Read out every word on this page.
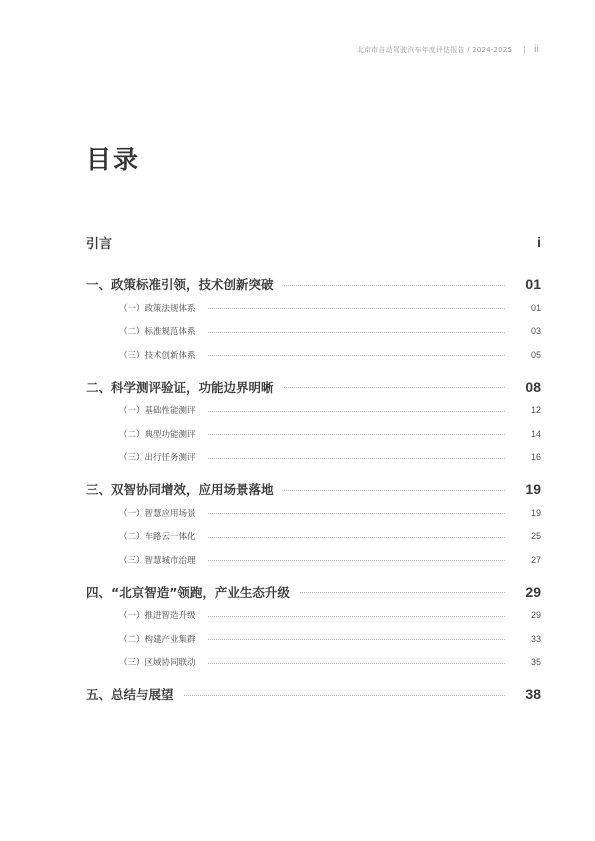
北京市自动驾驶汽车年度评估报告 / 2024-2025 ii
目录
引言	i
一、政策标准引领，技术创新突破	01
（一）政策法规体系	01
（二）标准规范体系	03
（三）技术创新体系	05
二、科学测评验证，功能边界明晰	08
（一）基础性能测评	12
（二）典型功能测评	14
（三）出行任务测评	16
三、双智协同增效，应用场景落地	19
（一）智慧应用场景	19
（二）车路云一体化	25
（三）智慧城市治理	27
四、“北京智造”领跑，产业生态升级	29
（一）推进智造升级	29
（二）构建产业集群	33
（三）区域协同联动	35
五、总结与展望	38
